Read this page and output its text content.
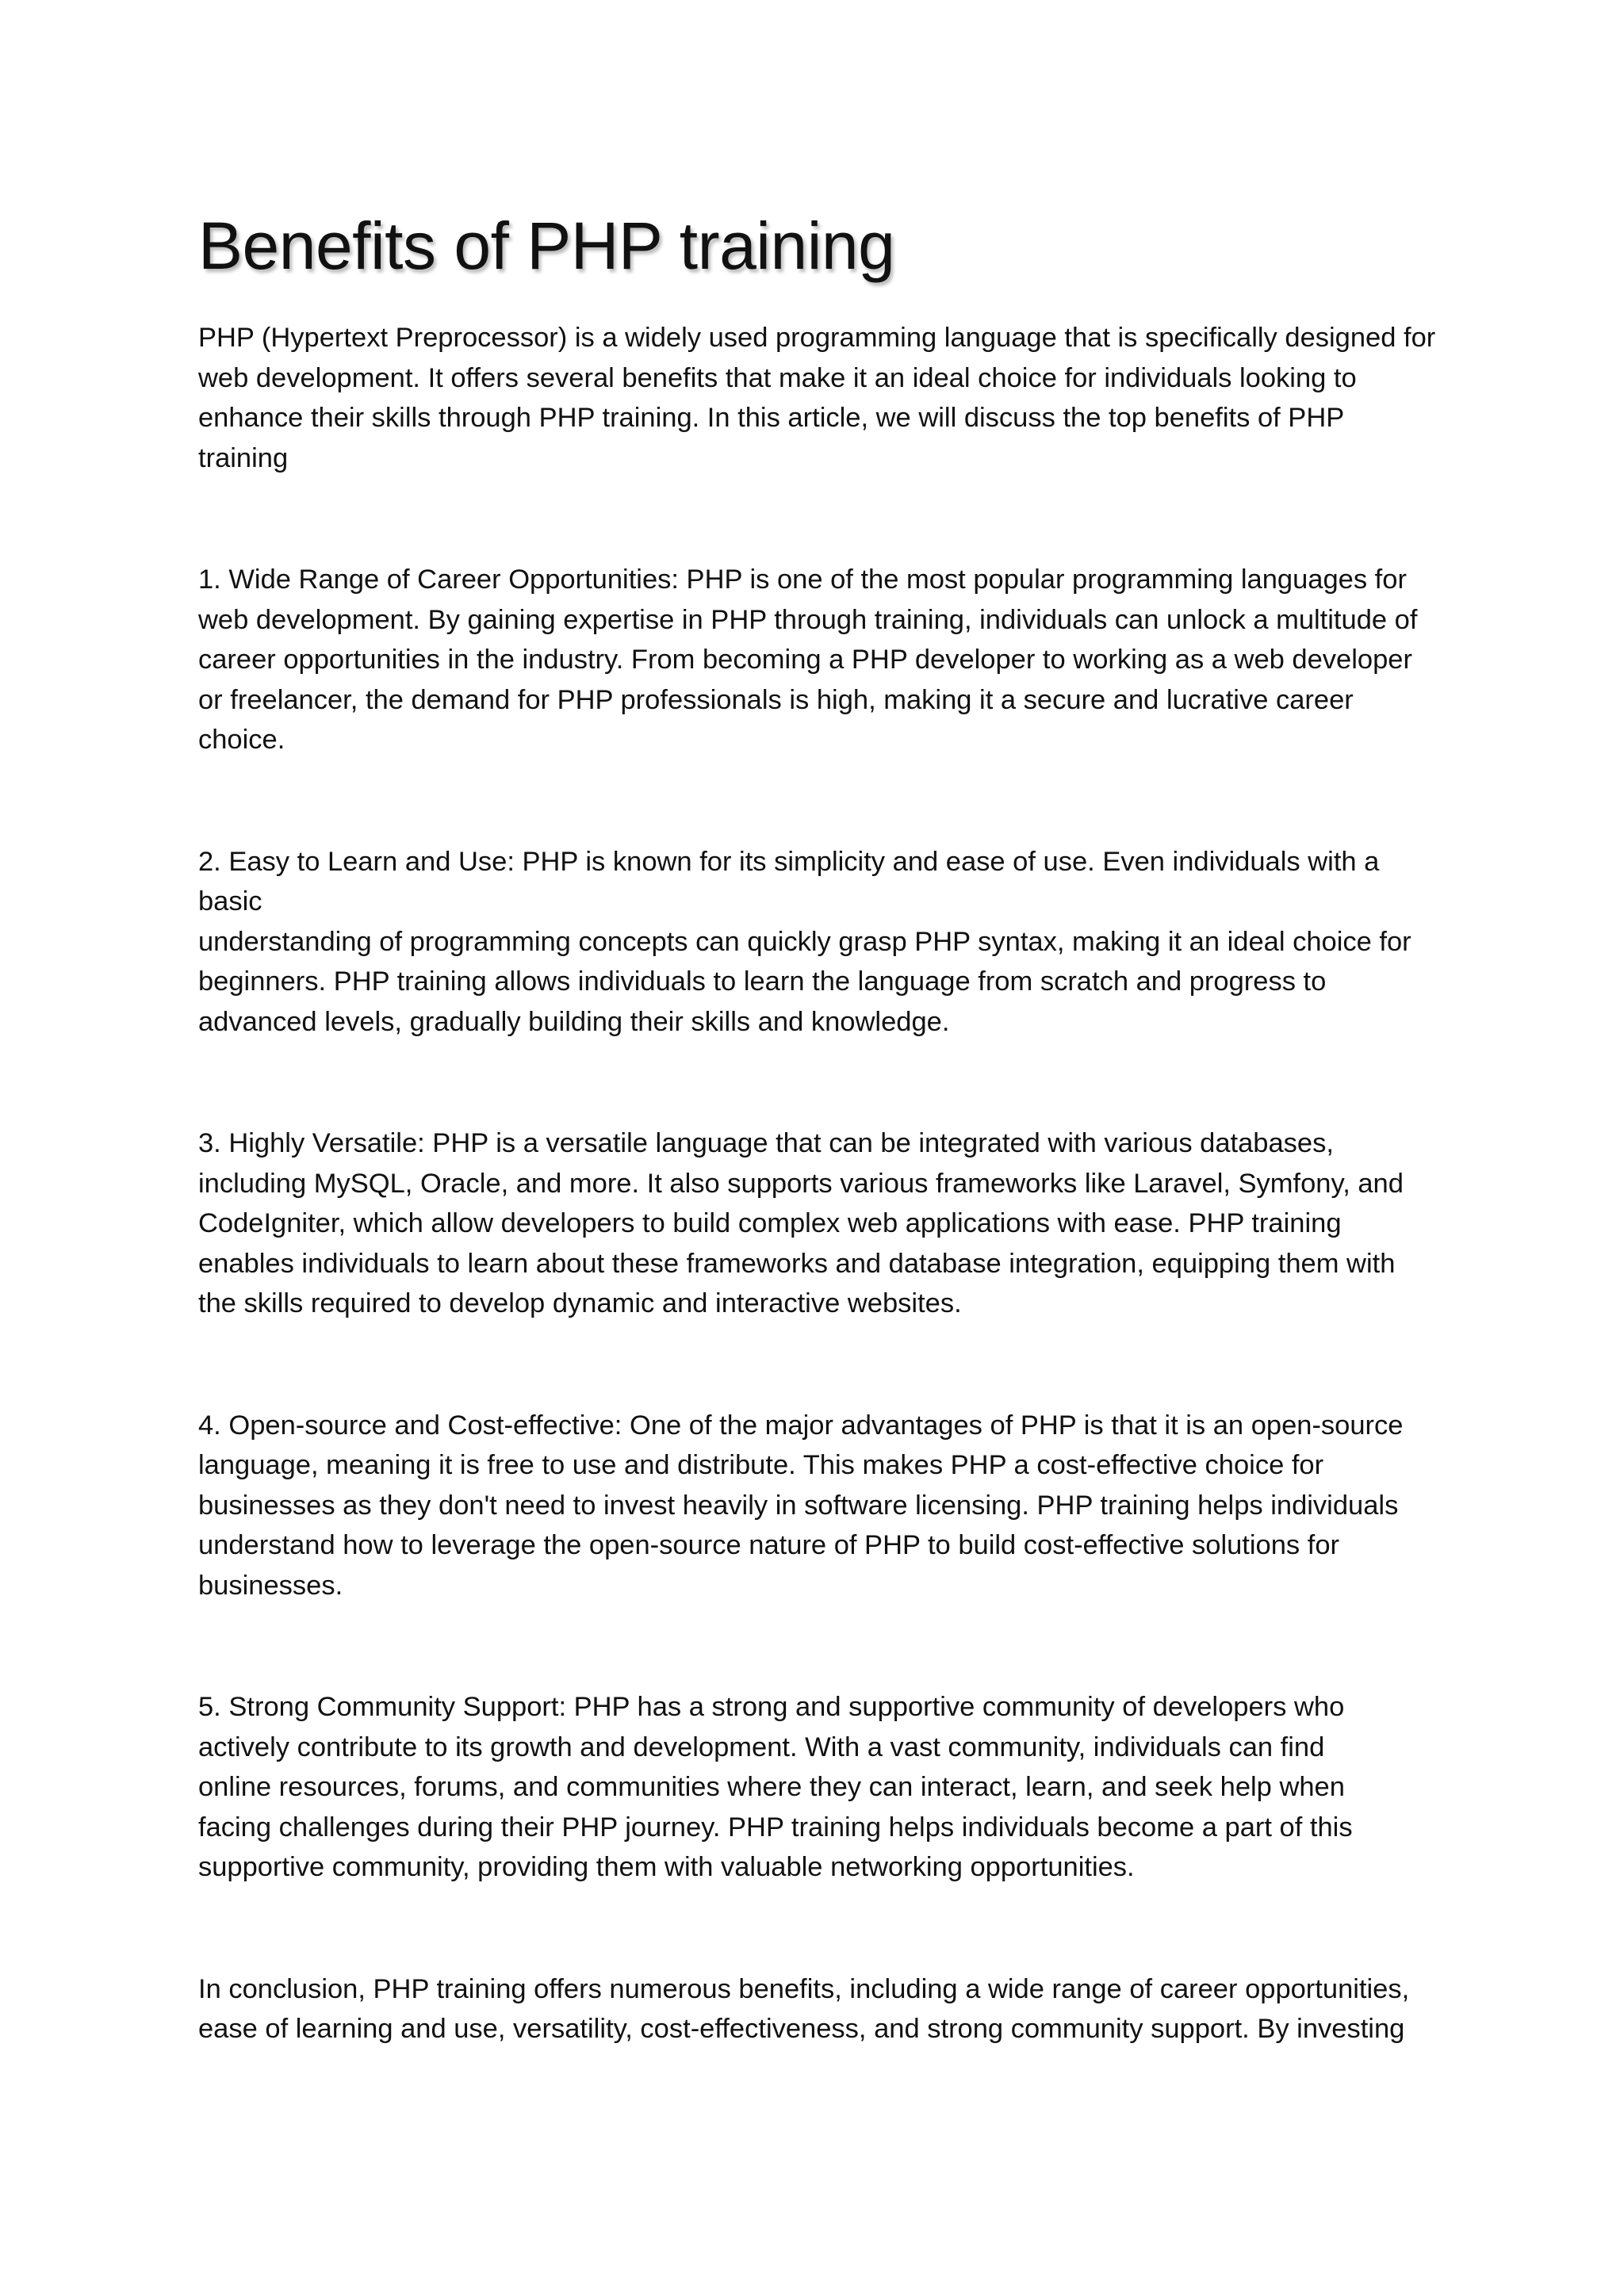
Benefits of PHP training

PHP (Hypertext Preprocessor) is a widely used programming language that is specifically designed for
web development. It offers several benefits that make it an ideal choice for individuals looking to
enhance their skills through PHP training. In this article, we will discuss the top benefits of PHP
training

1. Wide Range of Career Opportunities: PHP is one of the most popular programming languages for
web development. By gaining expertise in PHP through training, individuals can unlock a multitude of
career opportunities in the industry. From becoming a PHP developer to working as a web developer
or freelancer, the demand for PHP professionals is high, making it a secure and lucrative career
choice.

2. Easy to Learn and Use: PHP is known for its simplicity and ease of use. Even individuals with a basic
understanding of programming concepts can quickly grasp PHP syntax, making it an ideal choice for
beginners. PHP training allows individuals to learn the language from scratch and progress to
advanced levels, gradually building their skills and knowledge.

3. Highly Versatile: PHP is a versatile language that can be integrated with various databases,
including MySQL, Oracle, and more. It also supports various frameworks like Laravel, Symfony, and
CodeIgniter, which allow developers to build complex web applications with ease. PHP training
enables individuals to learn about these frameworks and database integration, equipping them with
the skills required to develop dynamic and interactive websites.

4. Open-source and Cost-effective: One of the major advantages of PHP is that it is an open-source
language, meaning it is free to use and distribute. This makes PHP a cost-effective choice for
businesses as they don't need to invest heavily in software licensing. PHP training helps individuals
understand how to leverage the open-source nature of PHP to build cost-effective solutions for
businesses.

5. Strong Community Support: PHP has a strong and supportive community of developers who
actively contribute to its growth and development. With a vast community, individuals can find
online resources, forums, and communities where they can interact, learn, and seek help when
facing challenges during their PHP journey. PHP training helps individuals become a part of this
supportive community, providing them with valuable networking opportunities.

In conclusion, PHP training offers numerous benefits, including a wide range of career opportunities,
ease of learning and use, versatility, cost-effectiveness, and strong community support. By investing
